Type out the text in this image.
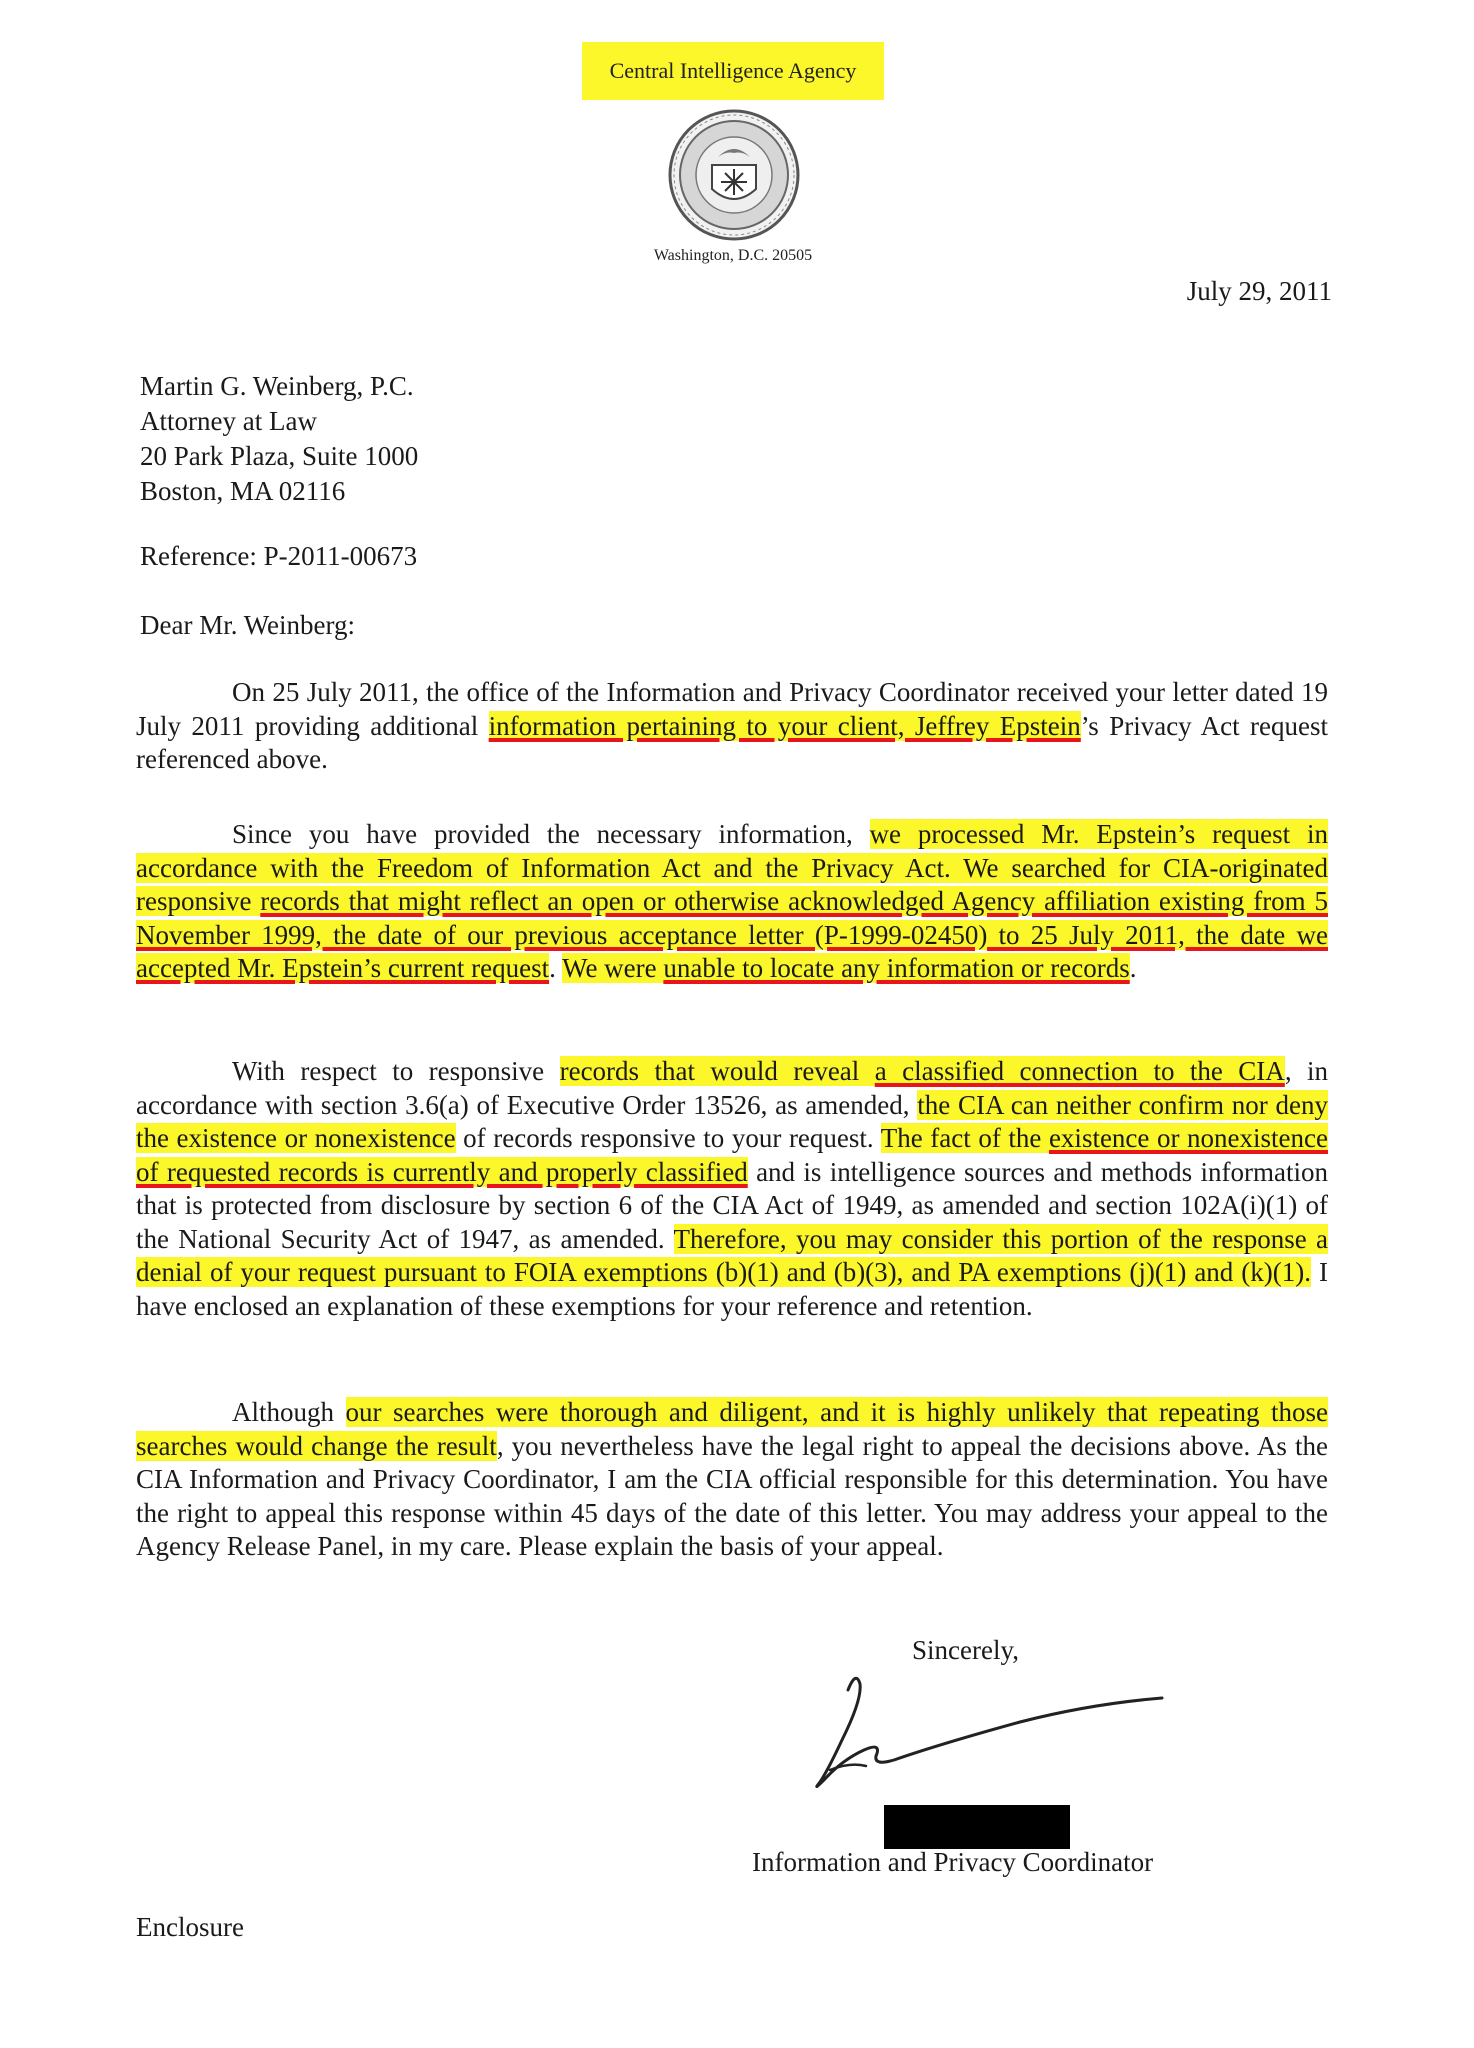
Central Intelligence Agency
Washington, D.C. 20505
July 29, 2011
Martin G. Weinberg, P.C.
Attorney at Law
20 Park Plaza, Suite 1000
Boston, MA 02116
Reference: P-2011-00673
Dear Mr. Weinberg:

On 25 July 2011, the office of the Information and Privacy Coordinator received your letter dated 19 July 2011 providing additional information pertaining to your client, Jeffrey Epstein’s Privacy Act request referenced above.

Since you have provided the necessary information, we processed Mr. Epstein’s request in accordance with the Freedom of Information Act and the Privacy Act. We searched for CIA-originated responsive records that might reflect an open or otherwise acknowledged Agency affiliation existing from 5 November 1999, the date of our previous acceptance letter (P-1999-02450) to 25 July 2011, the date we accepted Mr. Epstein’s current request. We were unable to locate any information or records.

With respect to responsive records that would reveal a classified connection to the CIA, in accordance with section 3.6(a) of Executive Order 13526, as amended, the CIA can neither confirm nor deny the existence or nonexistence of records responsive to your request. The fact of the existence or nonexistence of requested records is currently and properly classified and is intelligence sources and methods information that is protected from disclosure by section 6 of the CIA Act of 1949, as amended and section 102A(i)(1) of the National Security Act of 1947, as amended. Therefore, you may consider this portion of the response a denial of your request pursuant to FOIA exemptions (b)(1) and (b)(3), and PA exemptions (j)(1) and (k)(1). I have enclosed an explanation of these exemptions for your reference and retention.

Although our searches were thorough and diligent, and it is highly unlikely that repeating those searches would change the result, you nevertheless have the legal right to appeal the decisions above. As the CIA Information and Privacy Coordinator, I am the CIA official responsible for this determination. You have the right to appeal this response within 45 days of the date of this letter. You may address your appeal to the Agency Release Panel, in my care. Please explain the basis of your appeal.

Sincerely,
Information and Privacy Coordinator
Enclosure
